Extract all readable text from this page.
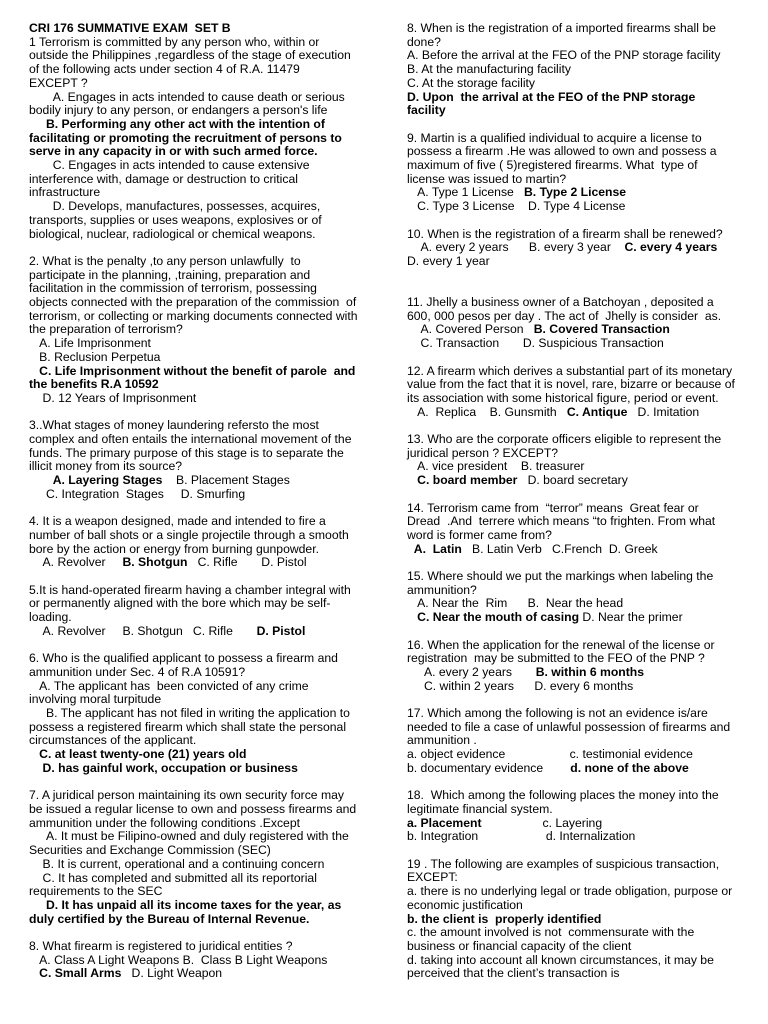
CRI 176 SUMMATIVE EXAM  SET B
1 Terrorism is committed by any person who, within or
outside the Philippines ,regardless of the stage of execution
of the following acts under section 4 of R.A. 11479
EXCEPT ?
A. Engages in acts intended to cause death or serious
bodily injury to any person, or endangers a person's life
B. Performing any other act with the intention of
facilitating or promoting the recruitment of persons to
serve in any capacity in or with such armed force.
C. Engages in acts intended to cause extensive
interference with, damage or destruction to critical
infrastructure
D. Develops, manufactures, possesses, acquires,
transports, supplies or uses weapons, explosives or of
biological, nuclear, radiological or chemical weapons.
2. What is the penalty ,to any person unlawfully  to
participate in the planning, ,training, preparation and
facilitation in the commission of terrorism, possessing
objects connected with the preparation of the commission  of
terrorism, or collecting or marking documents connected with
the preparation of terrorism?
A. Life Imprisonment
B. Reclusion Perpetua
C. Life Imprisonment without the benefit of parole  and
the benefits R.A 10592
D. 12 Years of Imprisonment
3..What stages of money laundering refersto the most
complex and often entails the international movement of the
funds. The primary purpose of this stage is to separate the
illicit money from its source?
A. Layering Stages    B. Placement Stages
C. Integration  Stages     D. Smurfing
4. It is a weapon designed, made and intended to fire a
number of ball shots or a single projectile through a smooth
bore by the action or energy from burning gunpowder.
A. Revolver     B. Shotgun   C. Rifle       D. Pistol
5.It is hand-operated firearm having a chamber integral with
or permanently aligned with the bore which may be self-
loading.
A. Revolver     B. Shotgun   C. Rifle       D. Pistol
6. Who is the qualified applicant to possess a firearm and
ammunition under Sec. 4 of R.A 10591?
A. The applicant has  been convicted of any crime
involving moral turpitude
B. The applicant has not filed in writing the application to
possess a registered firearm which shall state the personal
circumstances of the applicant.
C. at least twenty-one (21) years old
D. has gainful work, occupation or business
7. A juridical person maintaining its own security force may
be issued a regular license to own and possess firearms and
ammunition under the following conditions .Except
A. It must be Filipino-owned and duly registered with the
Securities and Exchange Commission (SEC)
B. It is current, operational and a continuing concern
C. It has completed and submitted all its reportorial
requirements to the SEC
D. It has unpaid all its income taxes for the year, as
duly certified by the Bureau of Internal Revenue.
8. What firearm is registered to juridical entities ?
A. Class A Light Weapons B.  Class B Light Weapons
C. Small Arms   D. Light Weapon
8. When is the registration of a imported firearms shall be
done?
A. Before the arrival at the FEO of the PNP storage facility
B. At the manufacturing facility
C. At the storage facility
D. Upon  the arrival at the FEO of the PNP storage
facility
9. Martin is a qualified individual to acquire a license to
possess a firearm .He was allowed to own and possess a
maximum of five ( 5)registered firearms. What  type of
license was issued to martin?
A. Type 1 License   B. Type 2 License
C. Type 3 License    D. Type 4 License
10. When is the registration of a firearm shall be renewed?
A. every 2 years      B. every 3 year    C. every 4 years
D. every 1 year
11. Jhelly a business owner of a Batchoyan , deposited a
600, 000 pesos per day . The act of  Jhelly is consider  as.
A. Covered Person   B. Covered Transaction
C. Transaction       D. Suspicious Transaction
12. A firearm which derives a substantial part of its monetary
value from the fact that it is novel, rare, bizarre or because of
its association with some historical figure, period or event.
A.  Replica    B. Gunsmith   C. Antique   D. Imitation
13. Who are the corporate officers eligible to represent the
juridical person ? EXCEPT?
A. vice president    B. treasurer
C. board member   D. board secretary
14. Terrorism came from  “terror” means  Great fear or
Dread  .And  terrere which means “to frighten. From what
word is former came from?
A.  Latin   B. Latin Verb   C.French  D. Greek
15. Where should we put the markings when labeling the
ammunition?
A. Near the  Rim      B.  Near the head
C. Near the mouth of casing D. Near the primer
16. When the application for the renewal of the license or
registration  may be submitted to the FEO of the PNP ?
A. every 2 years       B. within 6 months
C. within 2 years      D. every 6 months
17. Which among the following is not an evidence is/are
needed to file a case of unlawful possession of firearms and
ammunition .
a. object evidence                   c. testimonial evidence
b. documentary evidence        d. none of the above
18.  Which among the following places the money into the
legitimate financial system.
a. Placement                  c. Layering
b. Integration                    d. Internalization
19 . The following are examples of suspicious transaction,
EXCEPT:
a. there is no underlying legal or trade obligation, purpose or
economic justification
b. the client is  properly identified
c. the amount involved is not  commensurate with the
business or financial capacity of the client
d. taking into account all known circumstances, it may be
perceived that the client’s transaction is
